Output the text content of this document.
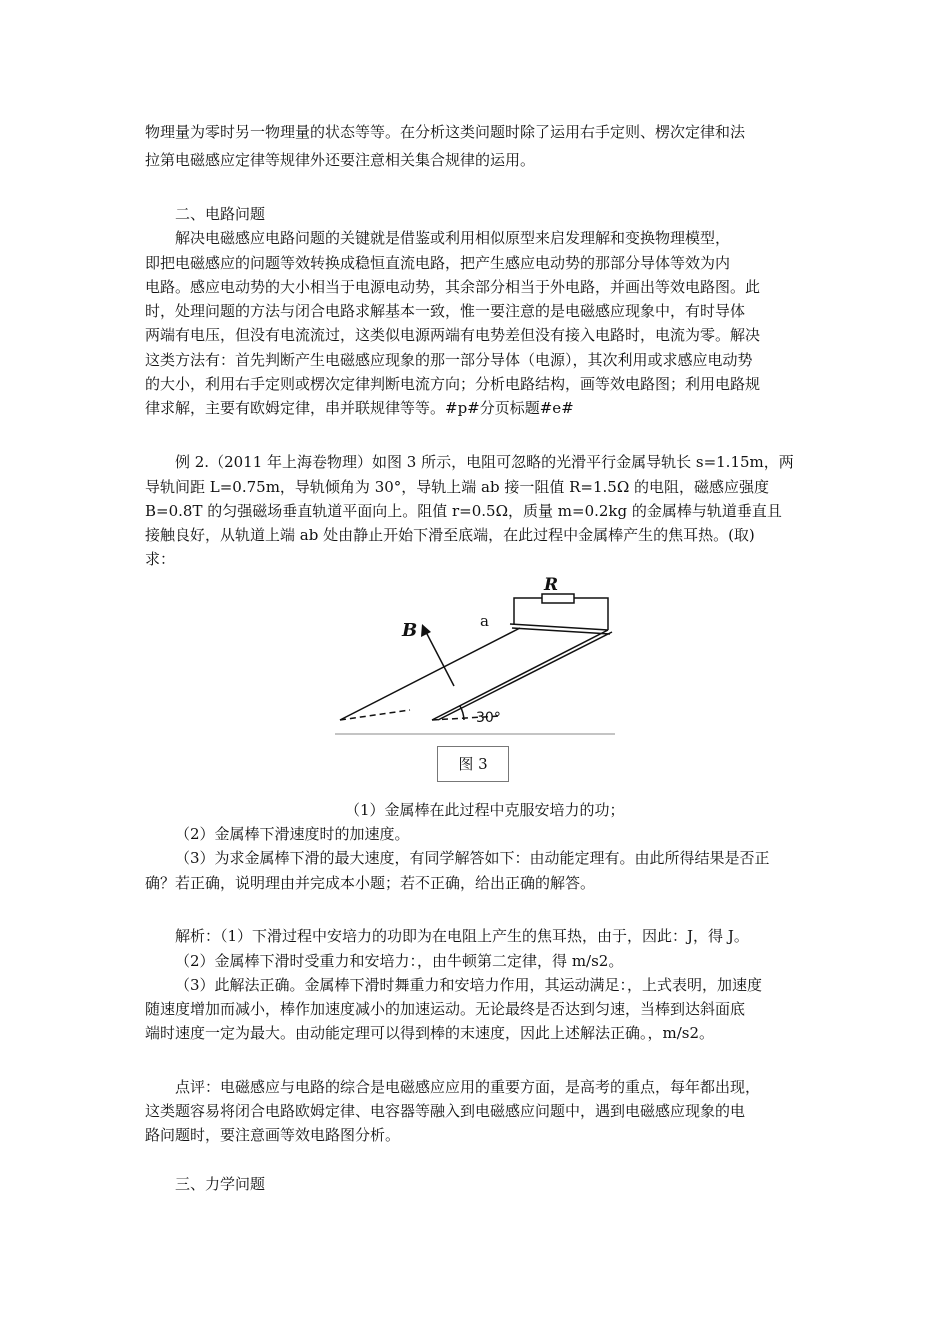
物理量为零时另一物理量的状态等等。在分析这类问题时除了运用右手定则、楞次定律和法
拉第电磁感应定律等规律外还要注意相关集合规律的运用。
二、电路问题
解决电磁感应电路问题的关键就是借鉴或利用相似原型来启发理解和变换物理模型，
即把电磁感应的问题等效转换成稳恒直流电路，把产生感应电动势的那部分导体等效为内
电路。感应电动势的大小相当于电源电动势，其余部分相当于外电路，并画出等效电路图。此
时，处理问题的方法与闭合电路求解基本一致，惟一要注意的是电磁感应现象中，有时导体
两端有电压，但没有电流流过，这类似电源两端有电势差但没有接入电路时，电流为零。解决
这类方法有：首先判断产生电磁感应现象的那一部分导体（电源），其次利用或求感应电动势
的大小，利用右手定则或楞次定律判断电流方向；分析电路结构，画等效电路图；利用电路规
律求解，主要有欧姆定律，串并联规律等等。#p#分页标题#e#
例 2.（2011 年上海卷物理）如图 3 所示，电阻可忽略的光滑平行金属导轨长 s=1.15m，两
导轨间距 L=0.75m，导轨倾角为 30°，导轨上端 ab 接一阻值 R=1.5Ω 的电阻，磁感应强度
B=0.8T 的匀强磁场垂直轨道平面向上。阻值 r=0.5Ω，质量 m=0.2kg 的金属棒与轨道垂直且
接触良好，从轨道上端 ab 处由静止开始下滑至底端，在此过程中金属棒产生的焦耳热。(取)
求：
R
B	a
30°
图 3
（1）金属棒在此过程中克服安培力的功；
（2）金属棒下滑速度时的加速度。
（3）为求金属棒下滑的最大速度，有同学解答如下：由动能定理有。由此所得结果是否正
确？若正确，说明理由并完成本小题；若不正确，给出正确的解答。
解析：（1）下滑过程中安培力的功即为在电阻上产生的焦耳热，由于，因此：J，得 J。
（2）金属棒下滑时受重力和安培力：，由牛顿第二定律，得 m/s2。
（3）此解法正确。金属棒下滑时舞重力和安培力作用，其运动满足：，上式表明，加速度
随速度增加而减小，棒作加速度减小的加速运动。无论最终是否达到匀速，当棒到达斜面底
端时速度一定为最大。由动能定理可以得到棒的末速度，因此上述解法正确。，m/s2。
点评：电磁感应与电路的综合是电磁感应应用的重要方面，是高考的重点，每年都出现，
这类题容易将闭合电路欧姆定律、电容器等融入到电磁感应问题中，遇到电磁感应现象的电
路问题时，要注意画等效电路图分析。
三、力学问题
